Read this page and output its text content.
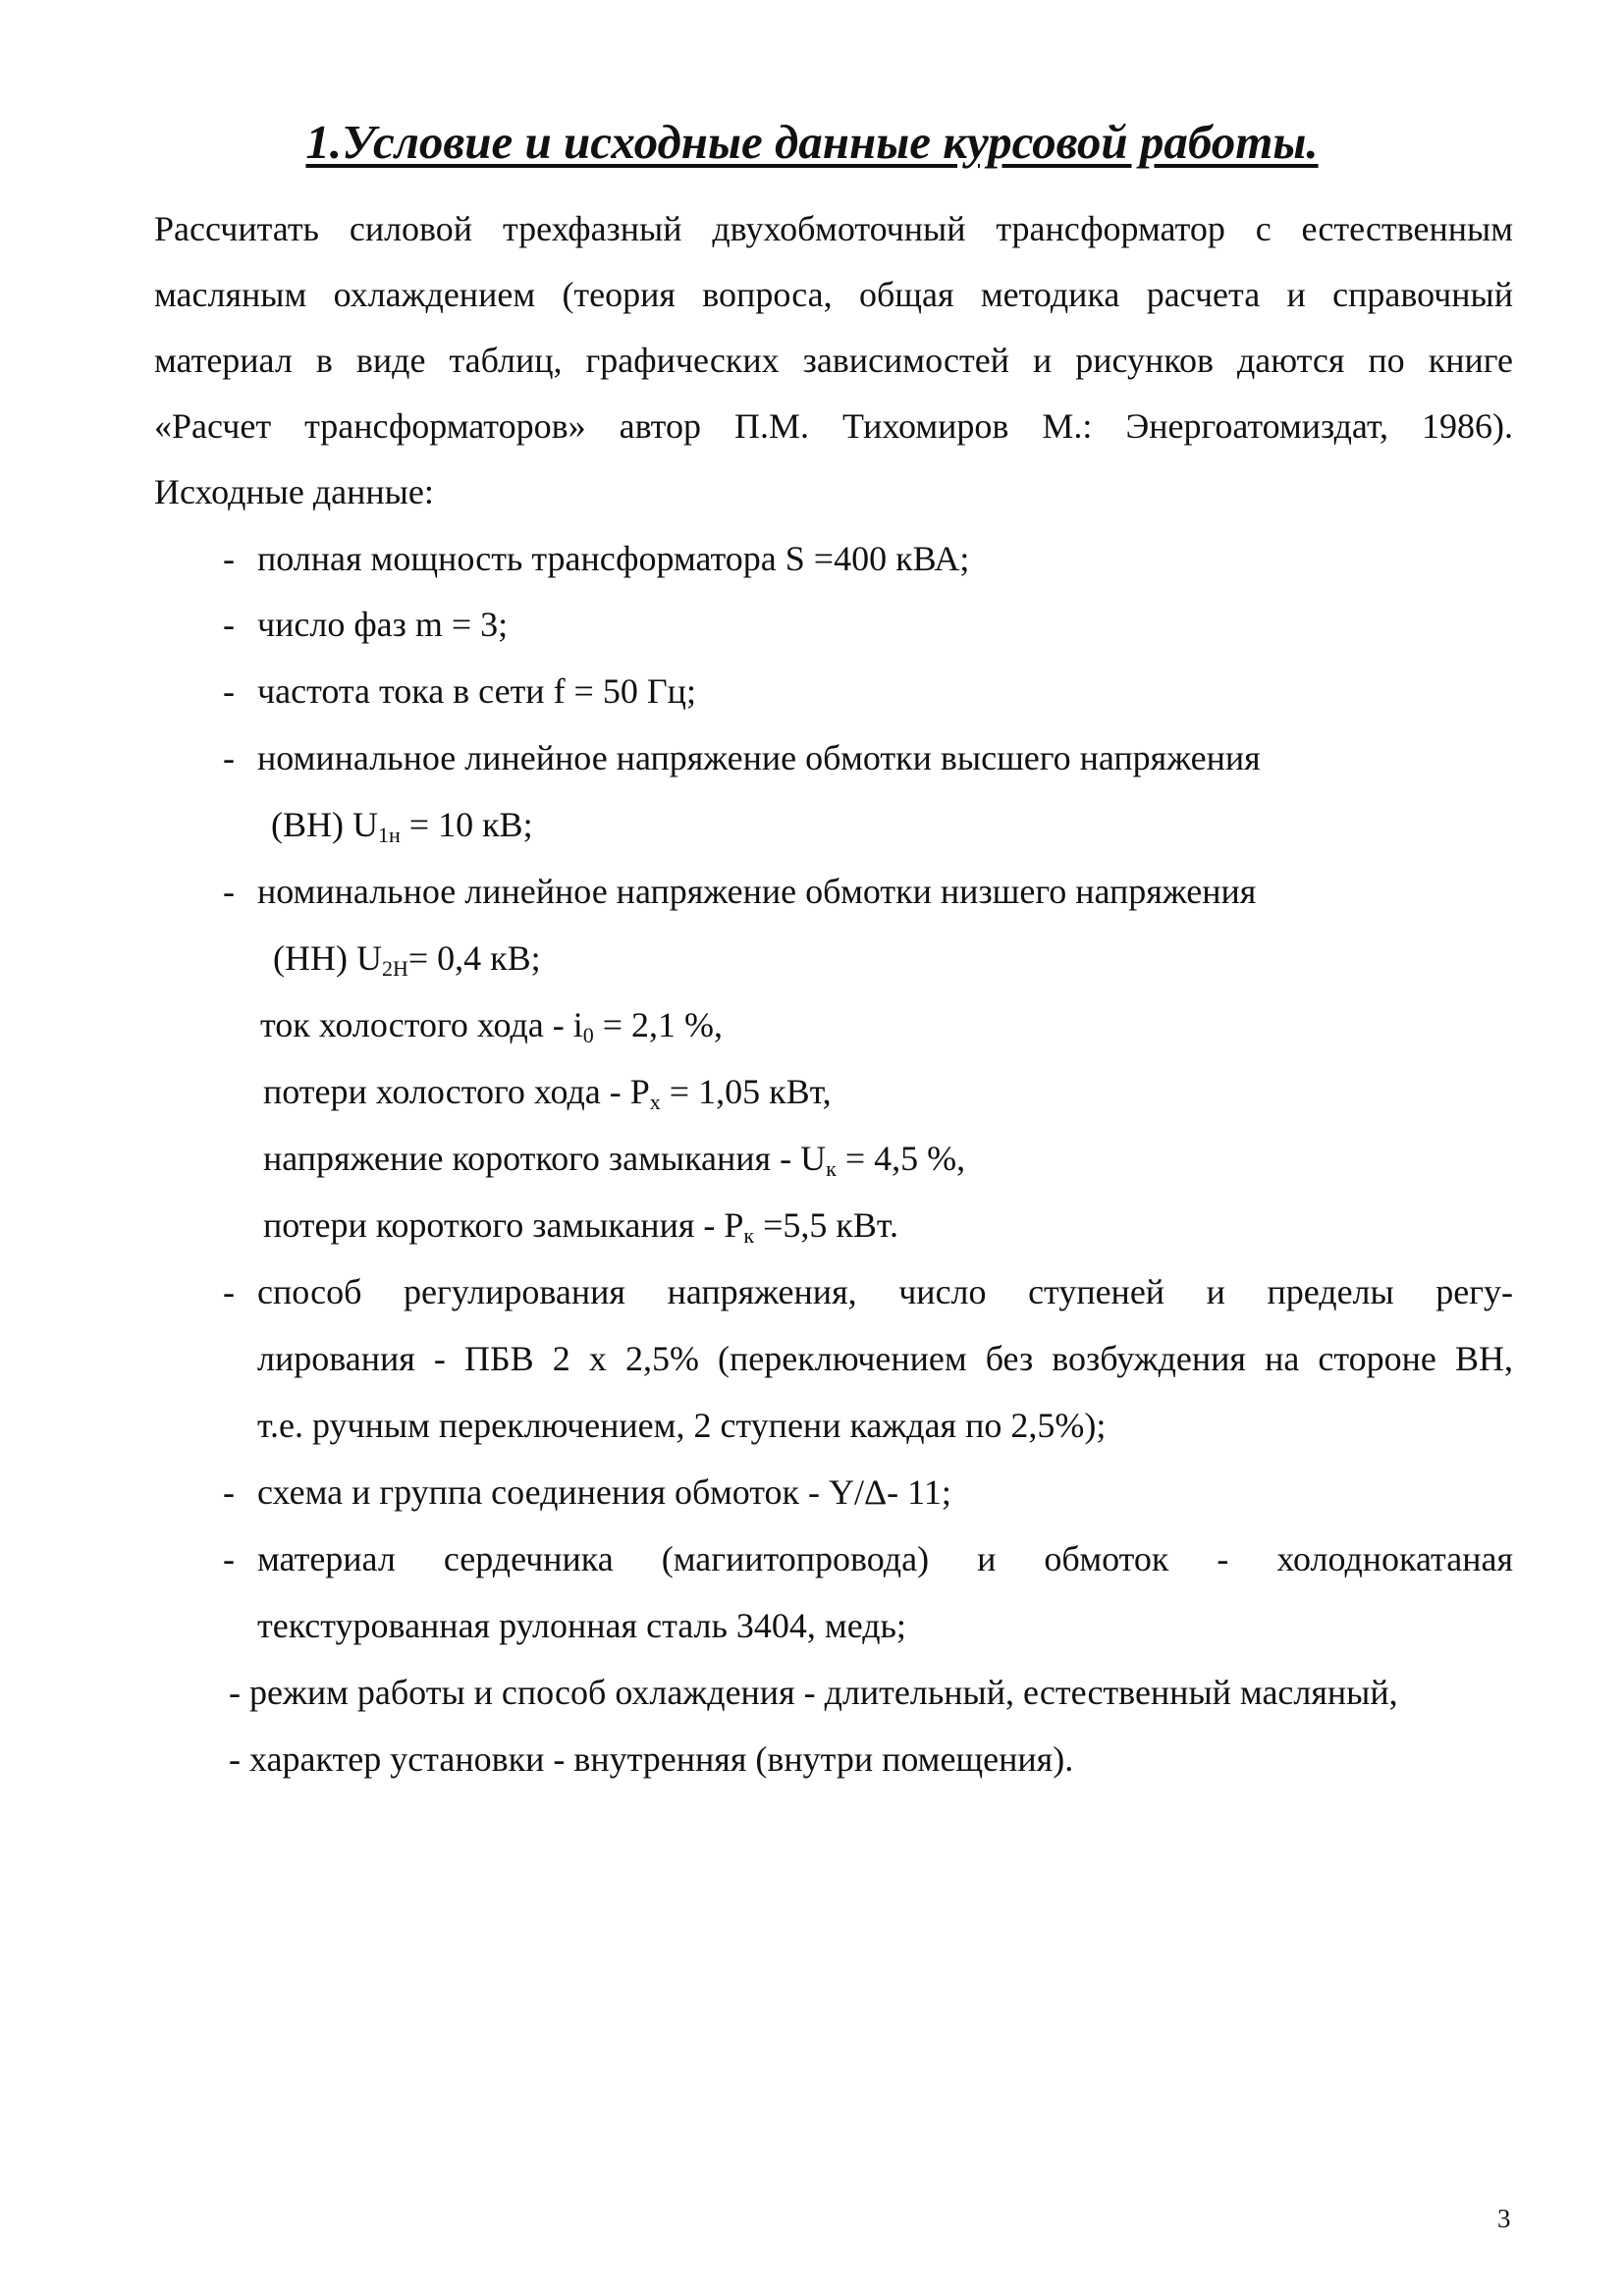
1.Условие и исходные данные курсовой работы.

Рассчитать силовой трехфазный двухобмоточный трансформатор с естественным
масляным охлаждением (теория вопроса, общая методика расчета и справочный
материал в виде таблиц, графических зависимостей и рисунков даются по книге
«Расчет трансформаторов» автор П.М. Тихомиров М.: Энергоатомиздат, 1986).
Исходные данные:

- полная мощность трансформатора S =400 кВА;

- число фаз m = 3;

- частота тока в сети f = 50 Гц;

- номинальное линейное напряжение обмотки высшего напряжения

(ВН) $U_{1н} = 10$ кВ;

- номинальное линейное напряжение обмотки низшего напряжения

(НН) $U_{2Н}= 0,4$ кВ;

ток холостого хода - $i_0 = 2,1$ %,

потери холостого хода - $P_х = 1,05$ кВт,

напряжение короткого замыкания - $U_к = 4,5$ %,

потери короткого замыкания - $P_к =5,5$ кВт.

- способ регулирования напряжения, число ступеней и пределы регу-

лирования - ПБВ 2 х 2,5% (переключением без возбуждения на стороне ВН,

т.е. ручным переключением, 2 ступени каждая по 2,5%);

- схема и группа соединения обмоток - Y/Δ- 11;

- материал сердечника (магиитопровода) и обмоток - холоднокатаная

текстурованная рулонная сталь 3404, медь;

- режим работы и способ охлаждения - длительный, естественный масляный,

- характер установки - внутренняя (внутри помещения).

3
